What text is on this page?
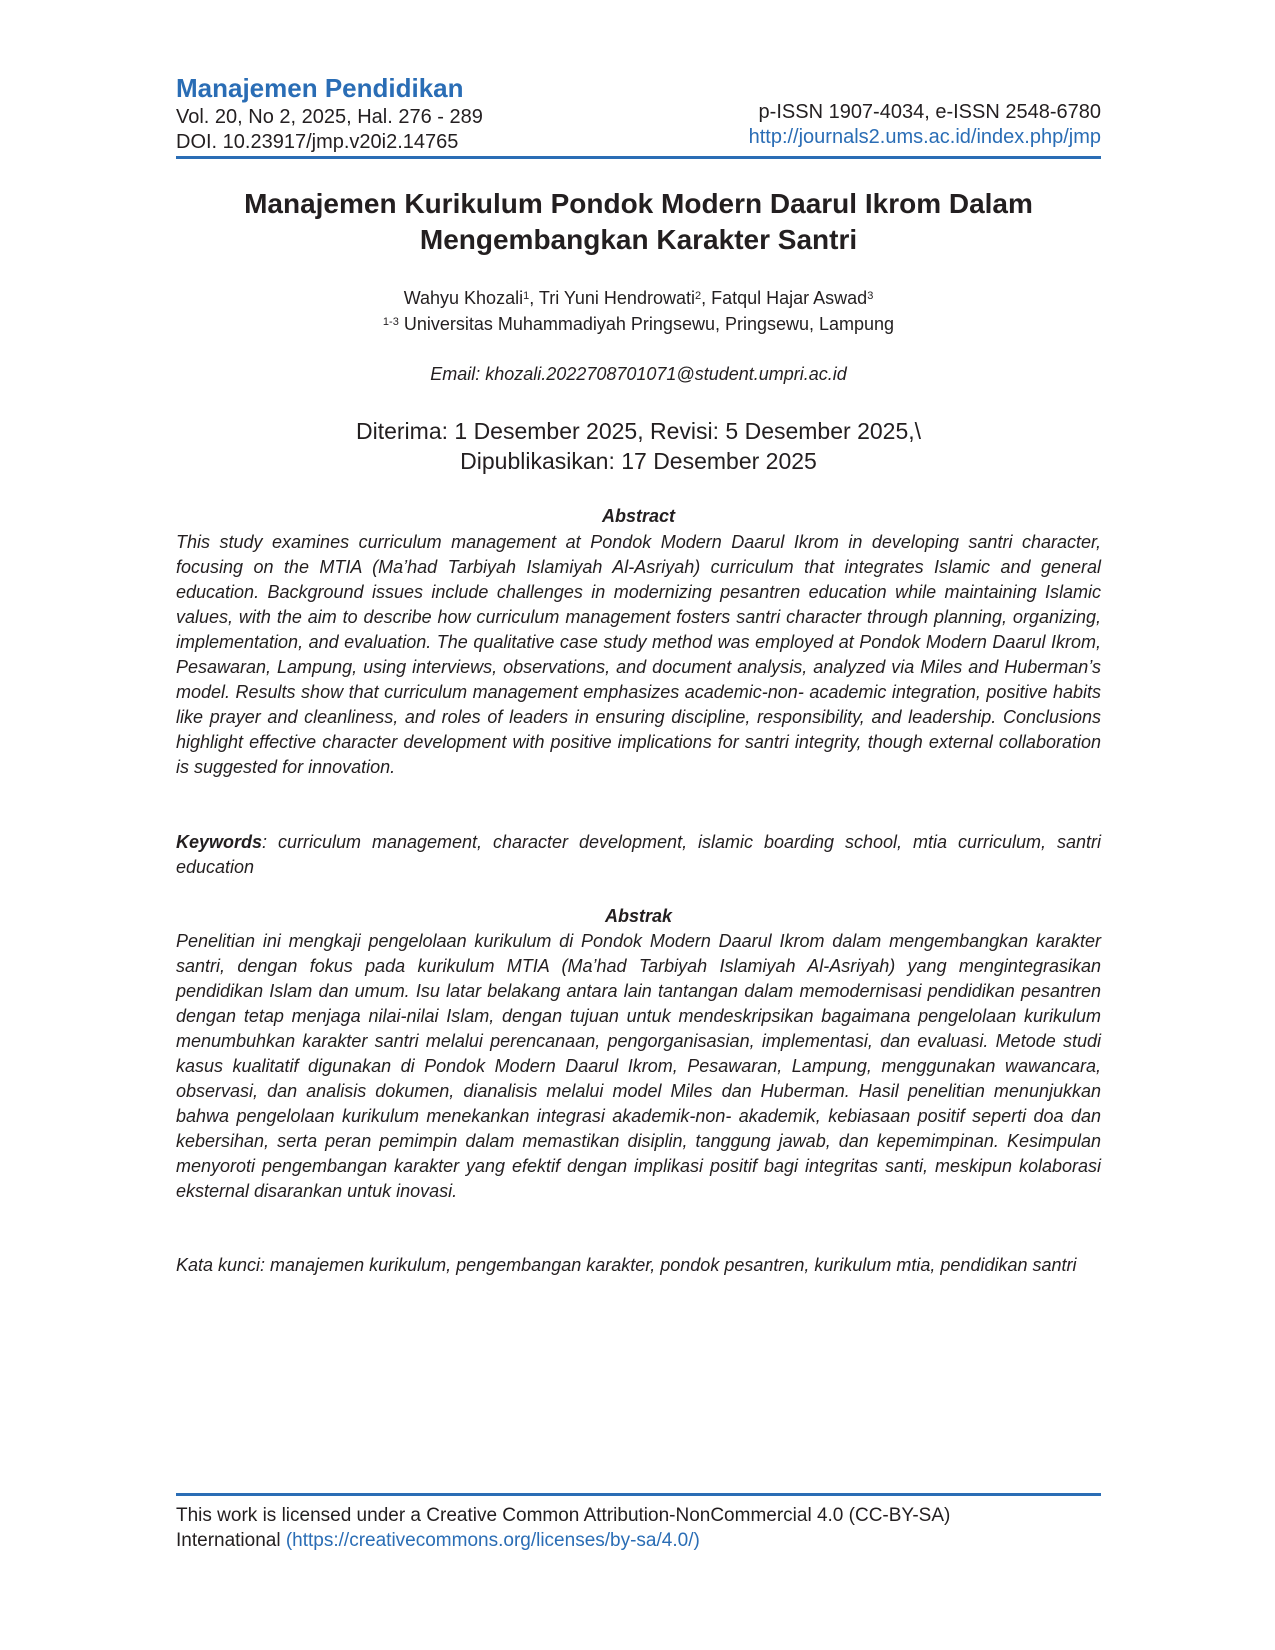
Manajemen Pendidikan
Vol. 20, No 2, 2025, Hal. 276 - 289
DOI. 10.23917/jmp.v20i2.14765
p-ISSN 1907-4034, e-ISSN 2548-6780
http://journals2.ums.ac.id/index.php/jmp
Manajemen Kurikulum Pondok Modern Daarul Ikrom Dalam
Mengembangkan Karakter Santri
Wahyu Khozali$^1$, Tri Yuni Hendrowati$^2$, Fatqul Hajar Aswad$^3$
$^{1-3}$ Universitas Muhammadiyah Pringsewu, Pringsewu, Lampung
Email: khozali.2022708701071@student.umpri.ac.id
Diterima: 1 Desember 2025, Revisi: 5 Desember 2025,\
Dipublikasikan: 17 Desember 2025
Abstract
This study examines curriculum management at Pondok Modern Daarul Ikrom in developing santri character, focusing on the MTIA (Ma’had Tarbiyah Islamiyah Al-Asriyah) curriculum that integrates Islamic and general education. Background issues include challenges in modernizing pesantren education while maintaining Islamic values, with the aim to describe how curriculum management fosters santri character through planning, organizing, implementation, and evaluation. The qualitative case study method was employed at Pondok Modern Daarul Ikrom, Pesawaran, Lampung, using interviews, observations, and document analysis, analyzed via Miles and Huberman’s model. Results show that curriculum management emphasizes academic-non- academic integration, positive habits like prayer and cleanliness, and roles of leaders in ensuring discipline, responsibility, and leadership. Conclusions highlight effective character development with positive implications for santri integrity, though external collaboration is suggested for innovation.
Keywords: curriculum management, character development, islamic boarding school, mtia curriculum, santri education
Abstrak
Penelitian ini mengkaji pengelolaan kurikulum di Pondok Modern Daarul Ikrom dalam mengembangkan karakter santri, dengan fokus pada kurikulum MTIA (Ma’had Tarbiyah Islamiyah Al-Asriyah) yang mengintegrasikan pendidikan Islam dan umum. Isu latar belakang antara lain tantangan dalam memodernisasi pendidikan pesantren dengan tetap menjaga nilai-nilai Islam, dengan tujuan untuk mendeskripsikan bagaimana pengelolaan kurikulum menumbuhkan karakter santri melalui perencanaan, pengorganisasian, implementasi, dan evaluasi. Metode studi kasus kualitatif digunakan di Pondok Modern Daarul Ikrom, Pesawaran, Lampung, menggunakan wawancara, observasi, dan analisis dokumen, dianalisis melalui model Miles dan Huberman. Hasil penelitian menunjukkan bahwa pengelolaan kurikulum menekankan integrasi akademik-non- akademik, kebiasaan positif seperti doa dan kebersihan, serta peran pemimpin dalam memastikan disiplin, tanggung jawab, dan kepemimpinan. Kesimpulan menyoroti pengembangan karakter yang efektif dengan implikasi positif bagi integritas santi, meskipun kolaborasi eksternal disarankan untuk inovasi.
Kata kunci: manajemen kurikulum, pengembangan karakter, pondok pesantren, kurikulum mtia, pendidikan santri
This work is licensed under a Creative Common Attribution-NonCommercial 4.0 (CC-BY-SA)
International (https://creativecommons.org/licenses/by-sa/4.0/)
